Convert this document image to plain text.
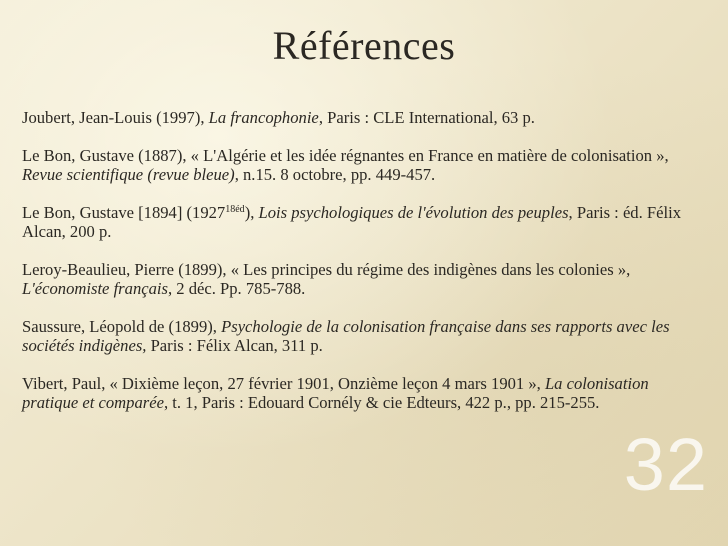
Références

Joubert, Jean-Louis (1997), La francophonie, Paris : CLE International, 63 p.

Le Bon, Gustave (1887), « L'Algérie et les idée régnantes en France en matière de colonisation », Revue scientifique (revue bleue), n.15. 8 octobre, pp. 449-457.

Le Bon, Gustave [1894] $(1927^{18éd})$, Lois psychologiques de l'évolution des peuples, Paris : éd. Félix Alcan, 200 p.

Leroy-Beaulieu, Pierre (1899), « Les principes du régime des indigènes dans les colonies », L'économiste français, 2 déc. Pp. 785-788.

Saussure, Léopold de (1899), Psychologie de la colonisation française dans ses rapports avec les sociétés indigènes, Paris : Félix Alcan, 311 p.

Vibert, Paul, « Dixième leçon, 27 février 1901, Onzième leçon 4 mars 1901 », La colonisation pratique et comparée, t. 1, Paris : Edouard Cornély & cie Edteurs, 422 p., pp. 215-255.

32
